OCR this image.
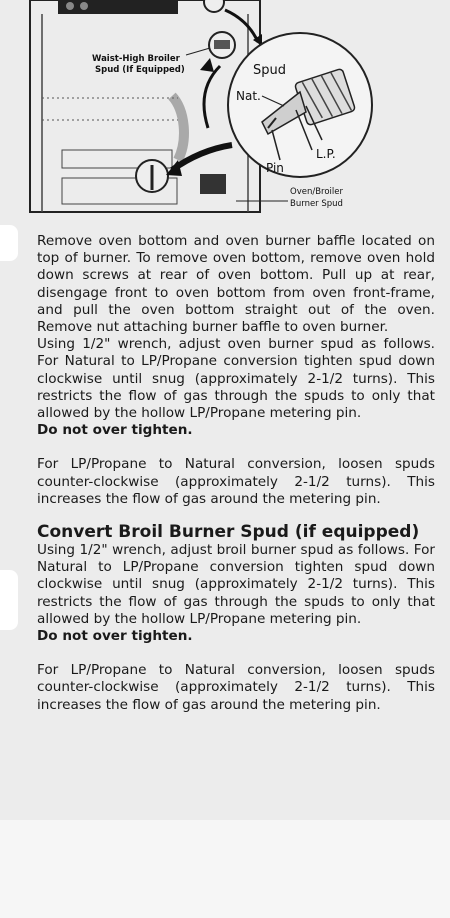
Spud
Nat.
L.P.
Pin
Waist-High Broiler
Spud (If Equipped)
Oven/Broiler
Burner Spud

Remove oven bottom and oven burner baffle located on top of burner. To remove oven bottom, remove oven hold down screws at rear of oven bottom. Pull up at rear, disengage front to oven bottom from oven front-frame, and pull the oven bottom straight out of the oven. Remove nut attaching burner baffle to oven burner.

Using 1/2" wrench, adjust oven burner spud as follows. For Natural to LP/Propane conversion tighten spud down clockwise until snug (approximately 2-1/2 turns). This restricts the flow of gas through the spuds to only that allowed by the hollow LP/Propane metering pin.

Do not over tighten.

For LP/Propane to Natural conversion, loosen spuds counter-clockwise (approximately 2-1/2 turns). This increases the flow of gas around the metering pin.

Convert Broil Burner Spud (if equipped)

Using 1/2" wrench, adjust broil burner spud as follows. For Natural to LP/Propane conversion tighten spud down clockwise until snug (approximately 2-1/2 turns). This restricts the flow of gas through the spuds to only that allowed by the hollow LP/Propane metering pin.

Do not over tighten.

For LP/Propane to Natural conversion, loosen spuds counter-clockwise (approximately 2-1/2 turns). This increases the flow of gas around the metering pin.
